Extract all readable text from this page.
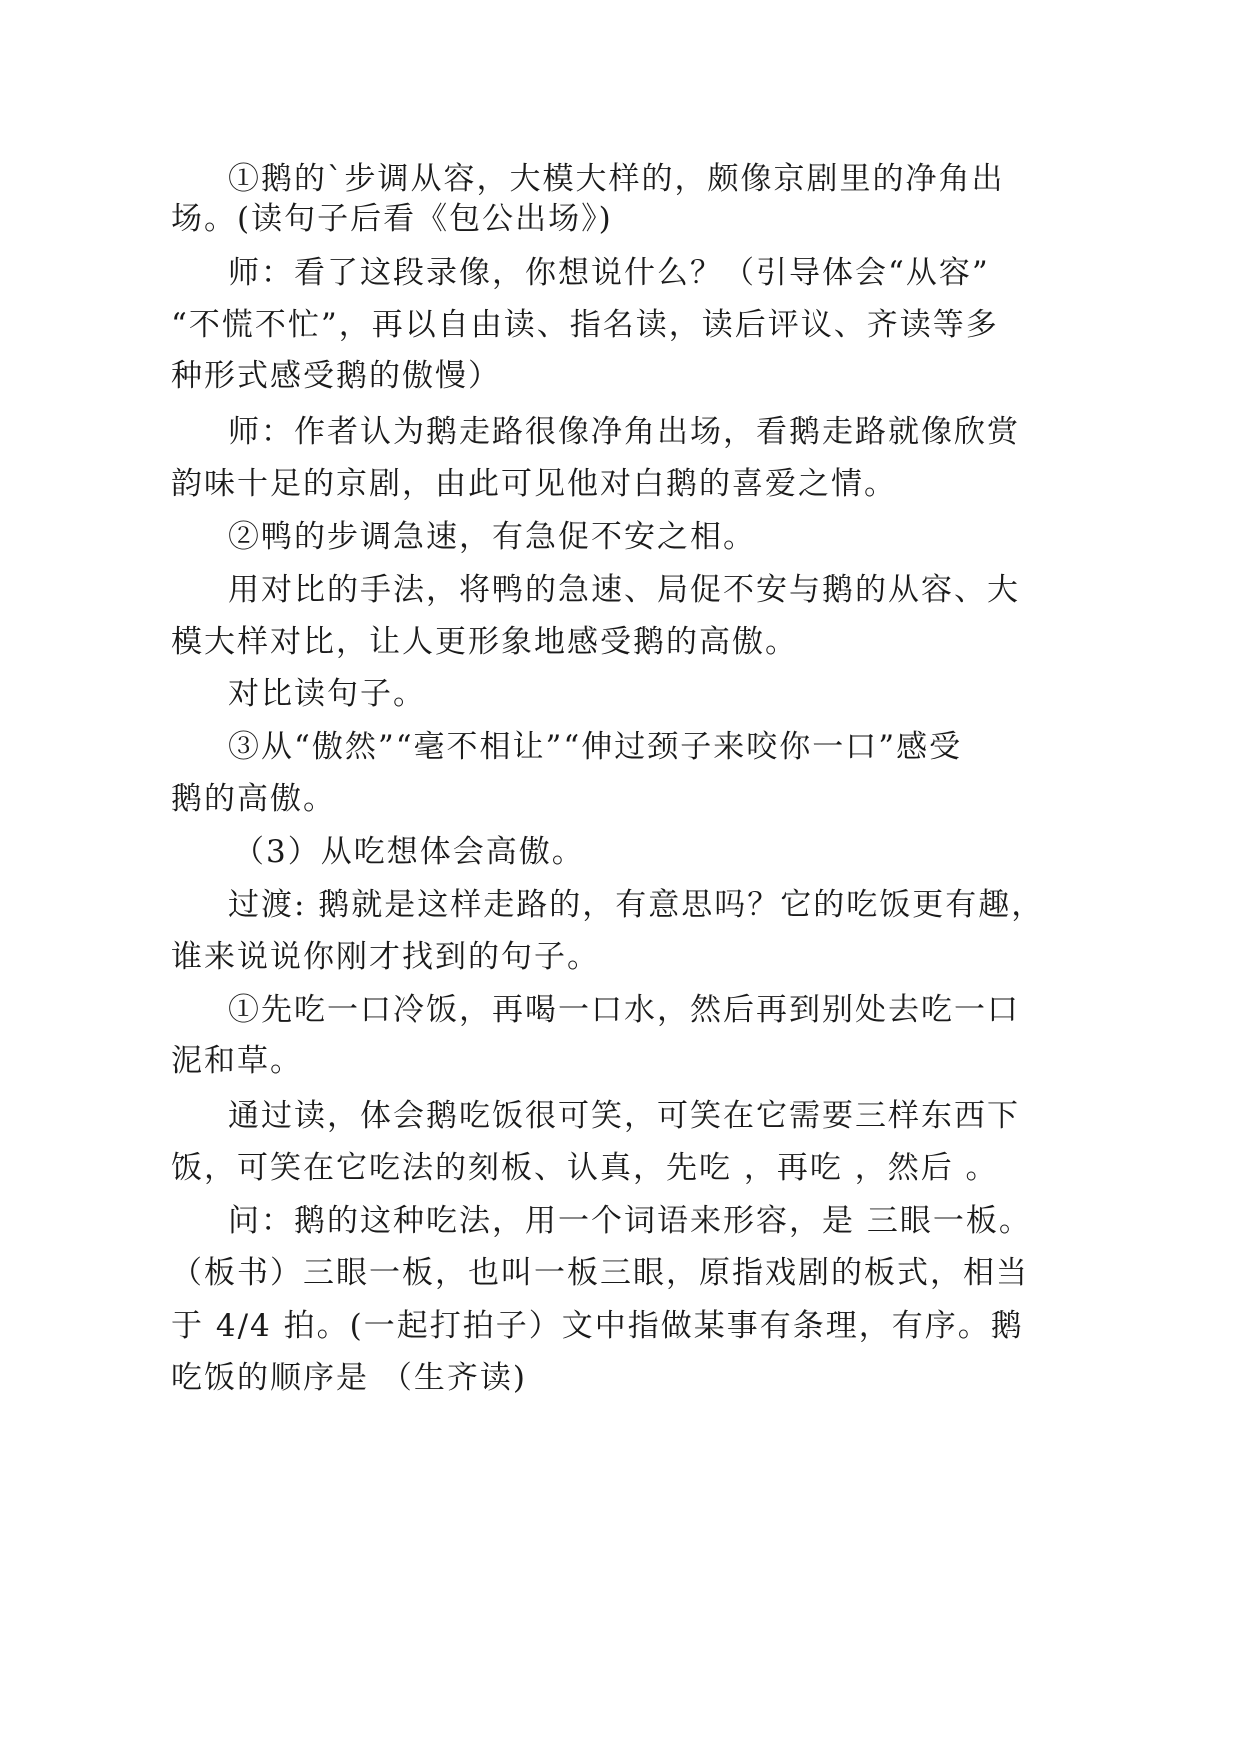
①鹅的`步调从容，大模大样的，颇像京剧里的净角出

场。(读句子后看《包公出场》)

师：看了这段录像，你想说什么？（引导体会“从容”

“不慌不忙”，再以自由读、指名读，读后评议、齐读等多

种形式感受鹅的傲慢）

师：作者认为鹅走路很像净角出场，看鹅走路就像欣赏

韵味十足的京剧，由此可见他对白鹅的喜爱之情。

②鸭的步调急速，有急促不安之相。

用对比的手法，将鸭的急速、局促不安与鹅的从容、大

模大样对比，让人更形象地感受鹅的高傲。

对比读句子。

③从“傲然”“毫不相让”“伸过颈子来咬你一口”感受

鹅的高傲。

（3）从吃想体会高傲。

过渡: 鹅就是这样走路的，有意思吗？它的吃饭更有趣，

谁来说说你刚才找到的句子。

①先吃一口冷饭，再喝一口水，然后再到别处去吃一口

泥和草。

通过读，体会鹅吃饭很可笑，可笑在它需要三样东西下

饭，可笑在它吃法的刻板、认真，先吃 ，再吃 ，然后 。

问：鹅的这种吃法，用一个词语来形容，是 三眼一板。

（板书）三眼一板，也叫一板三眼，原指戏剧的板式，相当

于 4/4 拍。(一起打拍子）文中指做某事有条理，有序。鹅

吃饭的顺序是 （生齐读)
